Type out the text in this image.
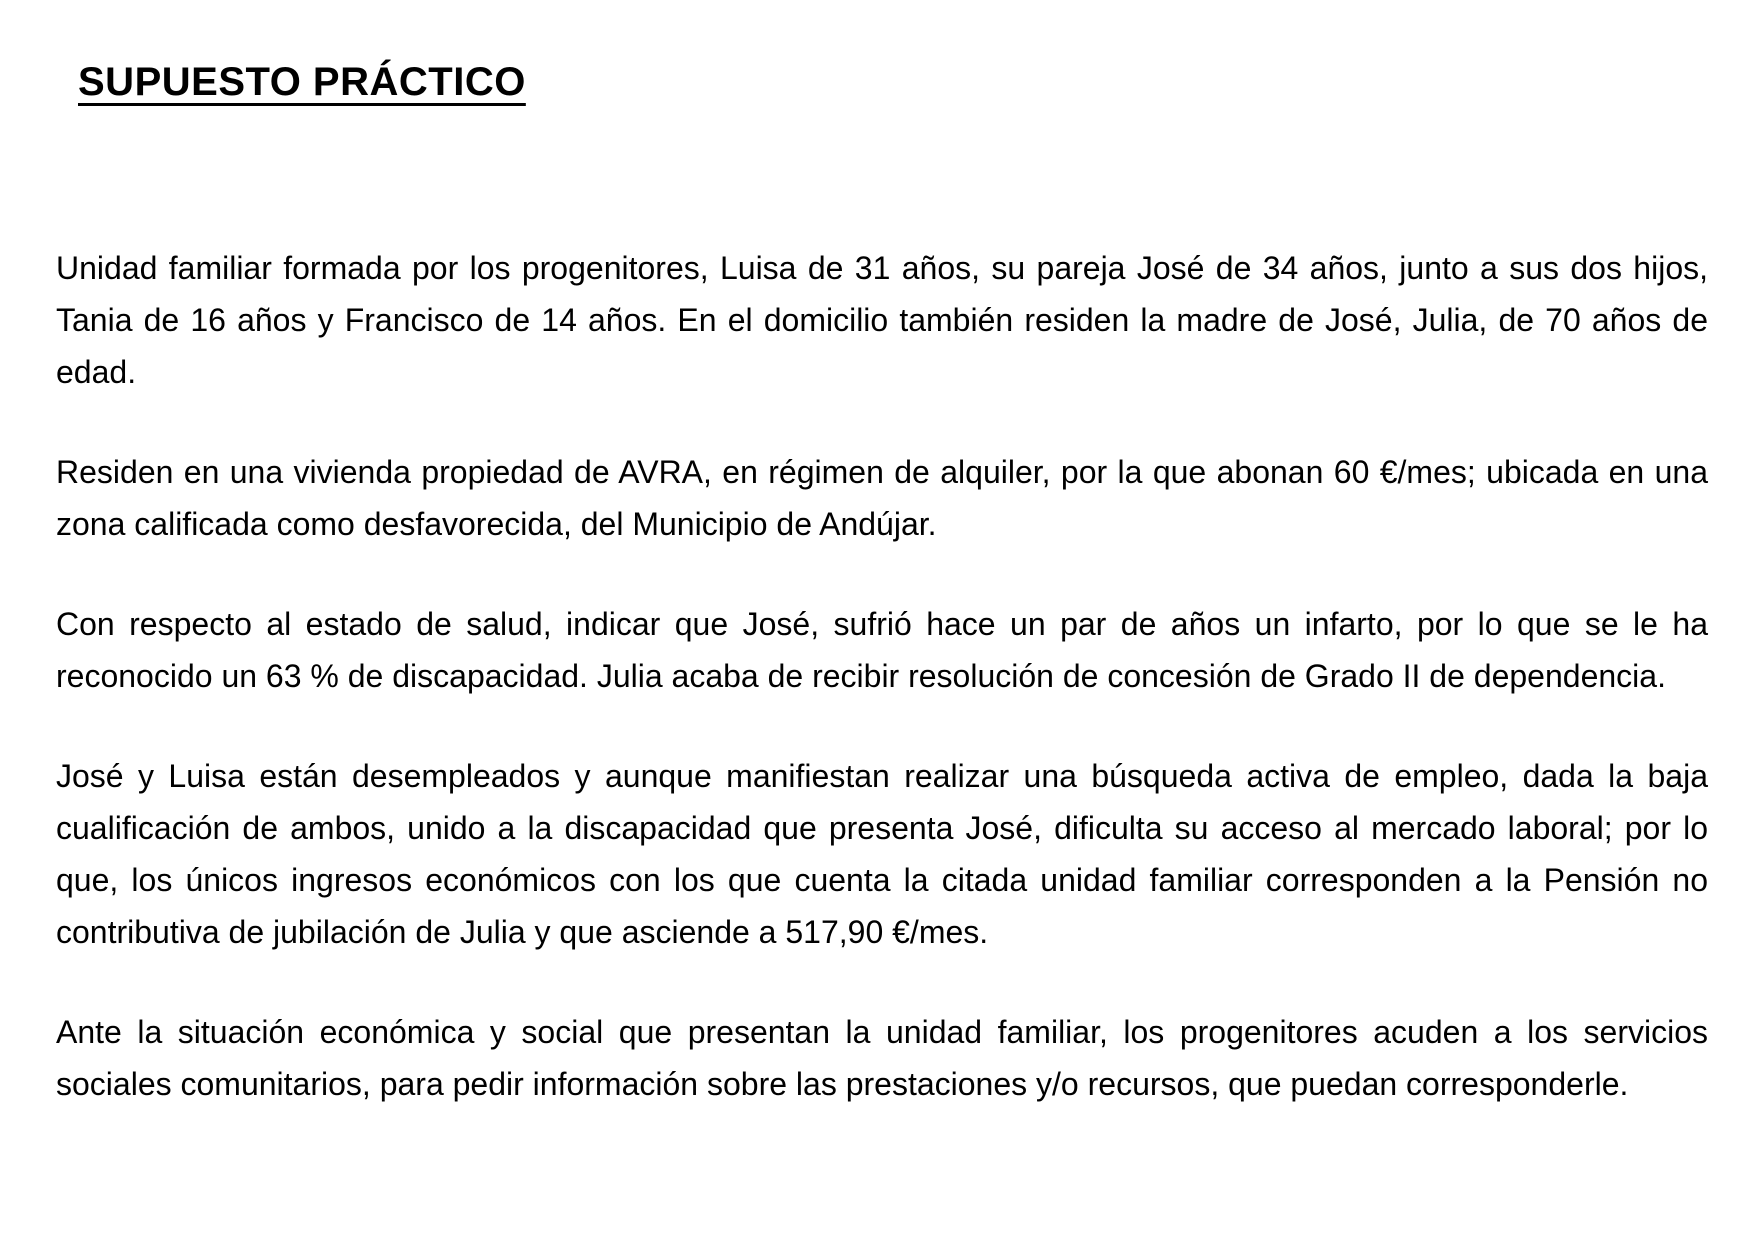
SUPUESTO PRÁCTICO

Unidad familiar formada por los progenitores, Luisa de 31 años, su pareja José de 34 años, junto a sus dos hijos, Tania de 16 años y Francisco de 14 años. En el domicilio también residen la madre de José, Julia, de 70 años de edad.

Residen en una vivienda propiedad de AVRA, en régimen de alquiler, por la que abonan 60 €/mes; ubicada en una zona calificada como desfavorecida, del Municipio de Andújar.

Con respecto al estado de salud, indicar que José, sufrió hace un par de años un infarto, por lo que se le ha reconocido un 63 % de discapacidad. Julia acaba de recibir resolución de concesión de Grado II de dependencia.

José y Luisa están desempleados y aunque manifiestan realizar una búsqueda activa de empleo, dada la baja cualificación de ambos, unido a la discapacidad que presenta José, dificulta su acceso al mercado laboral; por lo que, los únicos ingresos económicos con los que cuenta la citada unidad familiar corresponden a la Pensión no contributiva de jubilación de Julia y que asciende a 517,90 €/mes.

Ante la situación económica y social que presentan la unidad familiar, los progenitores acuden a los servicios sociales comunitarios, para pedir información sobre las prestaciones y/o recursos, que puedan corresponderle.
